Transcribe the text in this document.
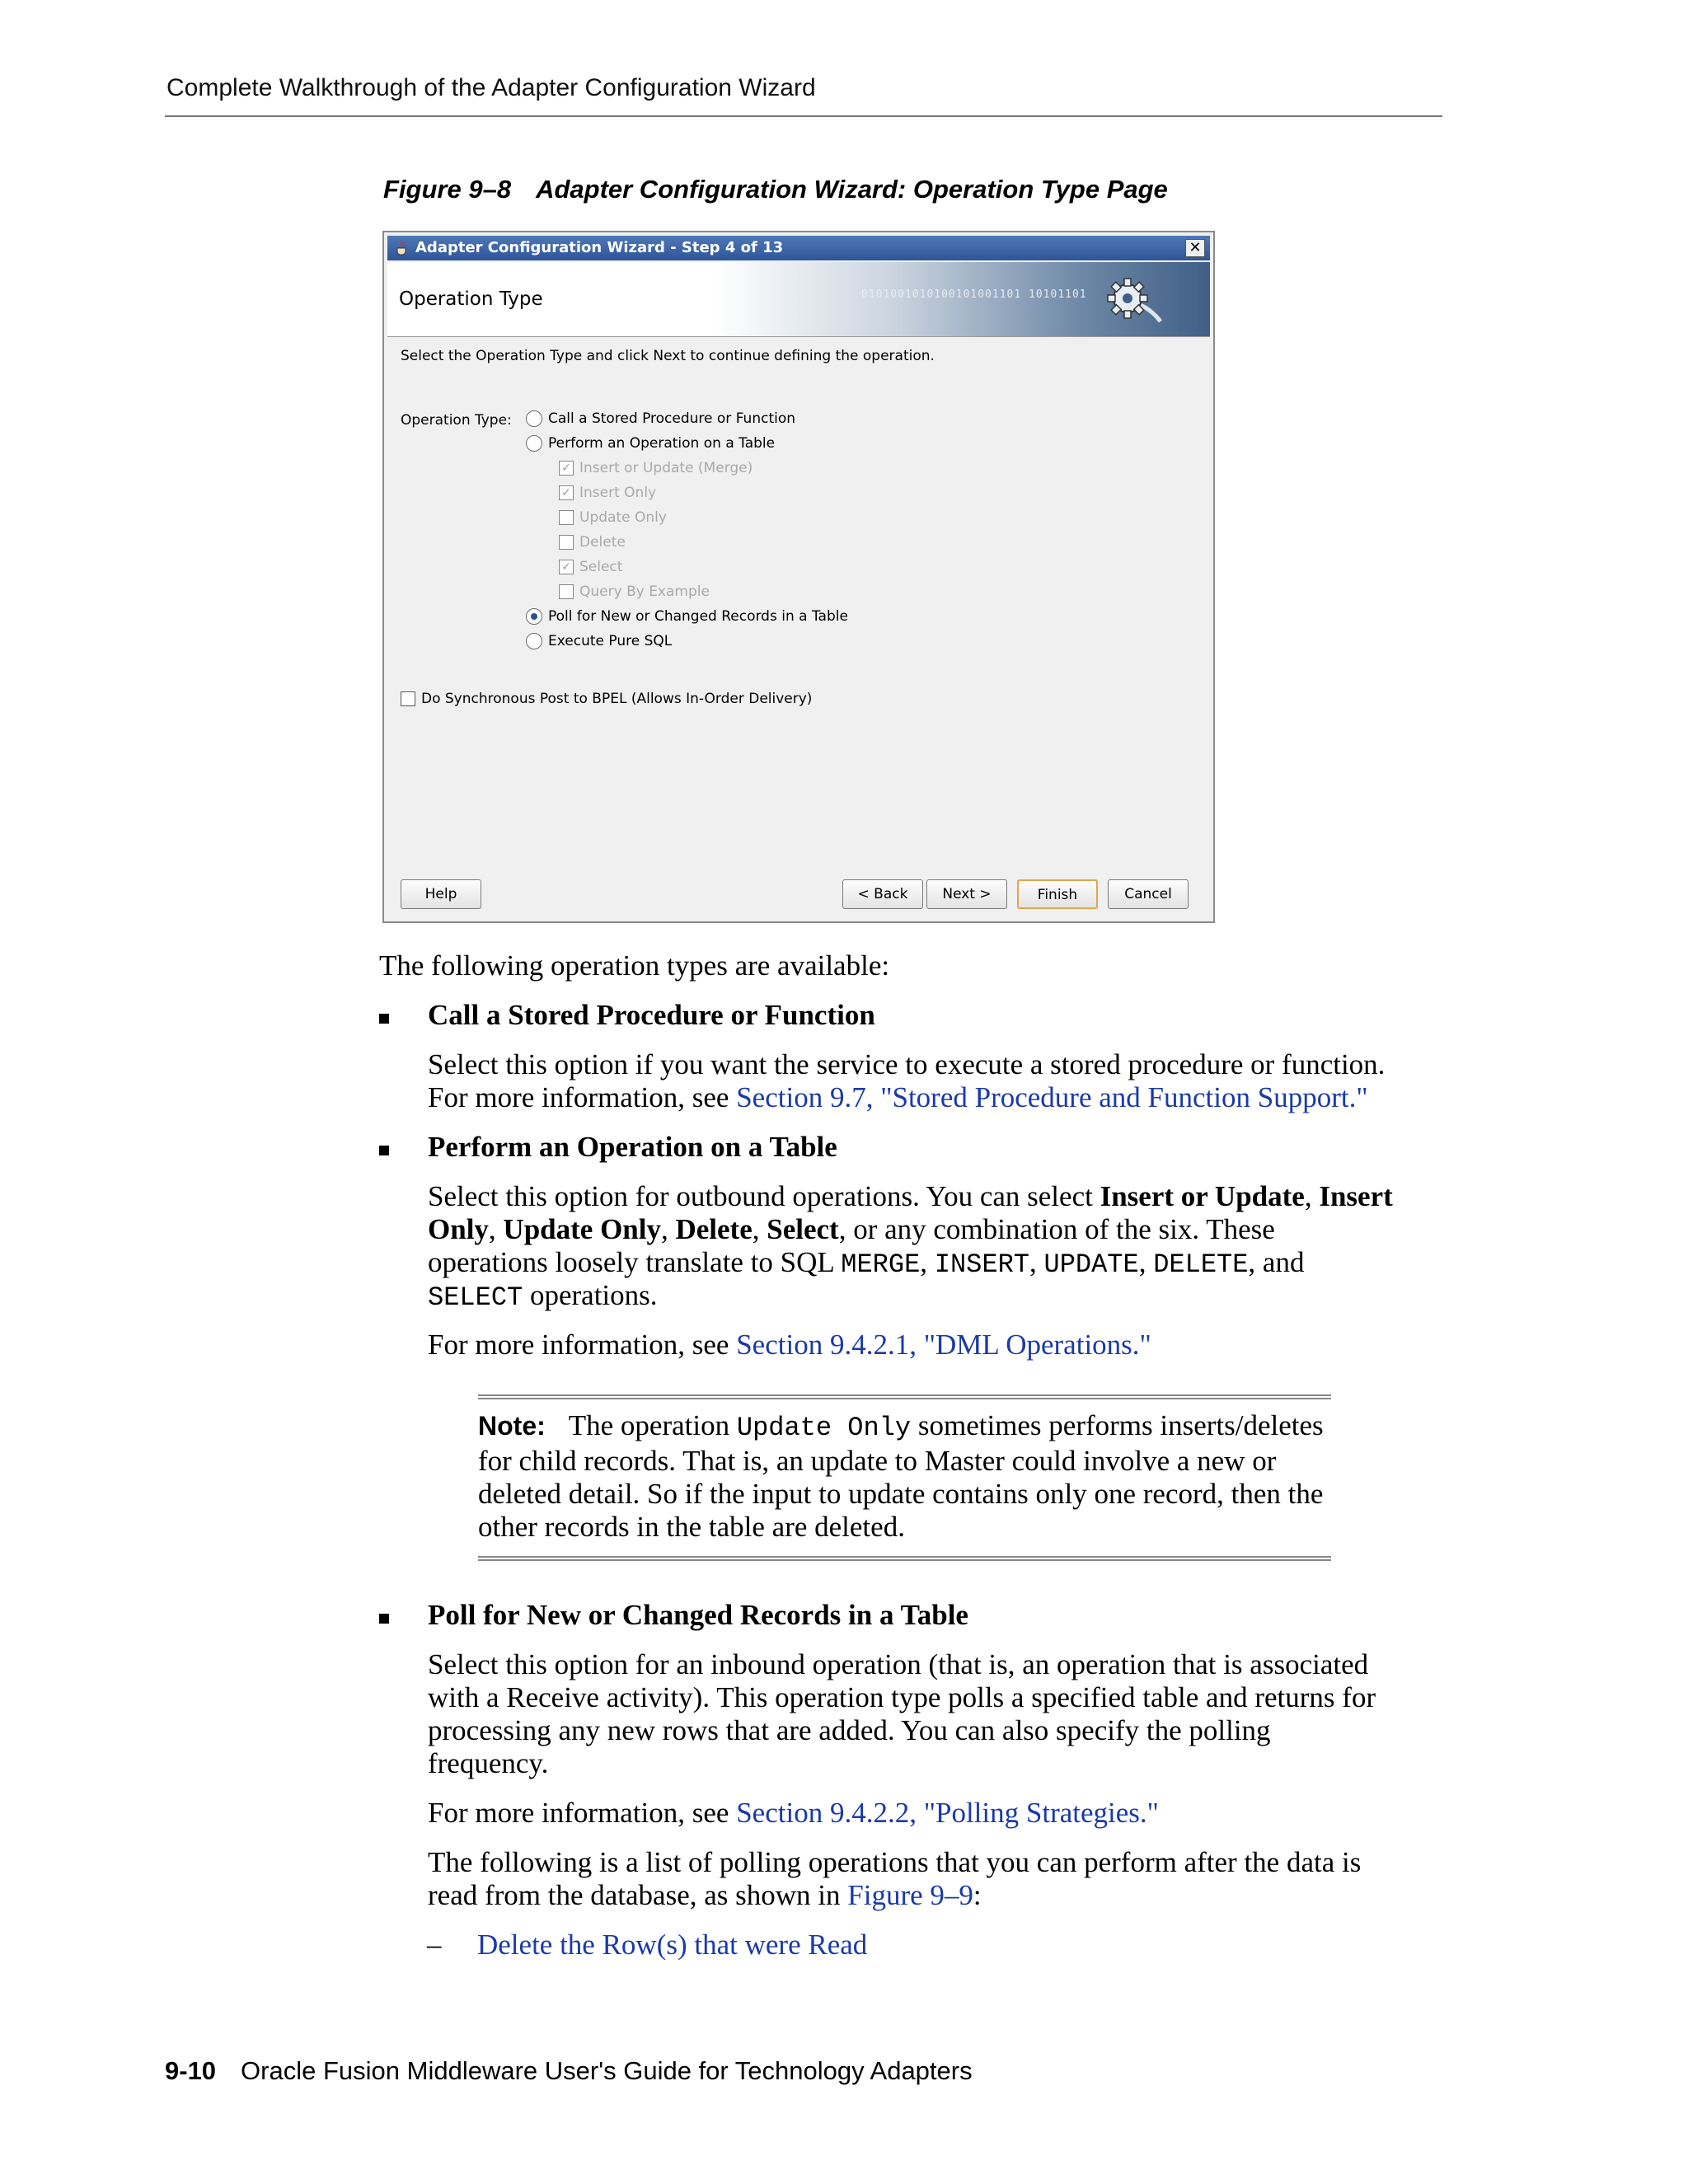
Complete Walkthrough of the Adapter Configuration Wizard
Figure 9–8 Adapter Configuration Wizard: Operation Type Page
Adapter Configuration Wizard - Step 4 of 13	✕
Operation Type	0101001010100101001101 10101101
Select the Operation Type and click Next to continue defining the operation.
Operation Type:	Call a Stored Procedure or Function
Perform an Operation on a Table
✓ Insert or Update (Merge)
✓ Insert Only
Update Only
Delete
✓ Select
Query By Example
Poll for New or Changed Records in a Table
Execute Pure SQL
Do Synchronous Post to BPEL (Allows In-Order Delivery)
Help	< Back	Next >	Finish	Cancel
The following operation types are available:
Call a Stored Procedure or Function
Select this option if you want the service to execute a stored procedure or function.
For more information, see Section 9.7, "Stored Procedure and Function Support."
Perform an Operation on a Table
Select this option for outbound operations. You can select Insert or Update, Insert
Only, Update Only, Delete, Select, or any combination of the six. These
operations loosely translate to SQL MERGE, INSERT, UPDATE, DELETE, and
SELECT operations.
For more information, see Section 9.4.2.1, "DML Operations."
Note: The operation Update Only sometimes performs inserts/deletes for child records. That is, an update to Master could involve a new or deleted detail. So if the input to update contains only one record, then the other records in the table are deleted.
Poll for New or Changed Records in a Table
Select this option for an inbound operation (that is, an operation that is associated
with a Receive activity). This operation type polls a specified table and returns for
processing any new rows that are added. You can also specify the polling
frequency.
For more information, see Section 9.4.2.2, "Polling Strategies."
The following is a list of polling operations that you can perform after the data is
read from the database, as shown in Figure 9–9:
– Delete the Row(s) that were Read
9-10 Oracle Fusion Middleware User's Guide for Technology Adapters
